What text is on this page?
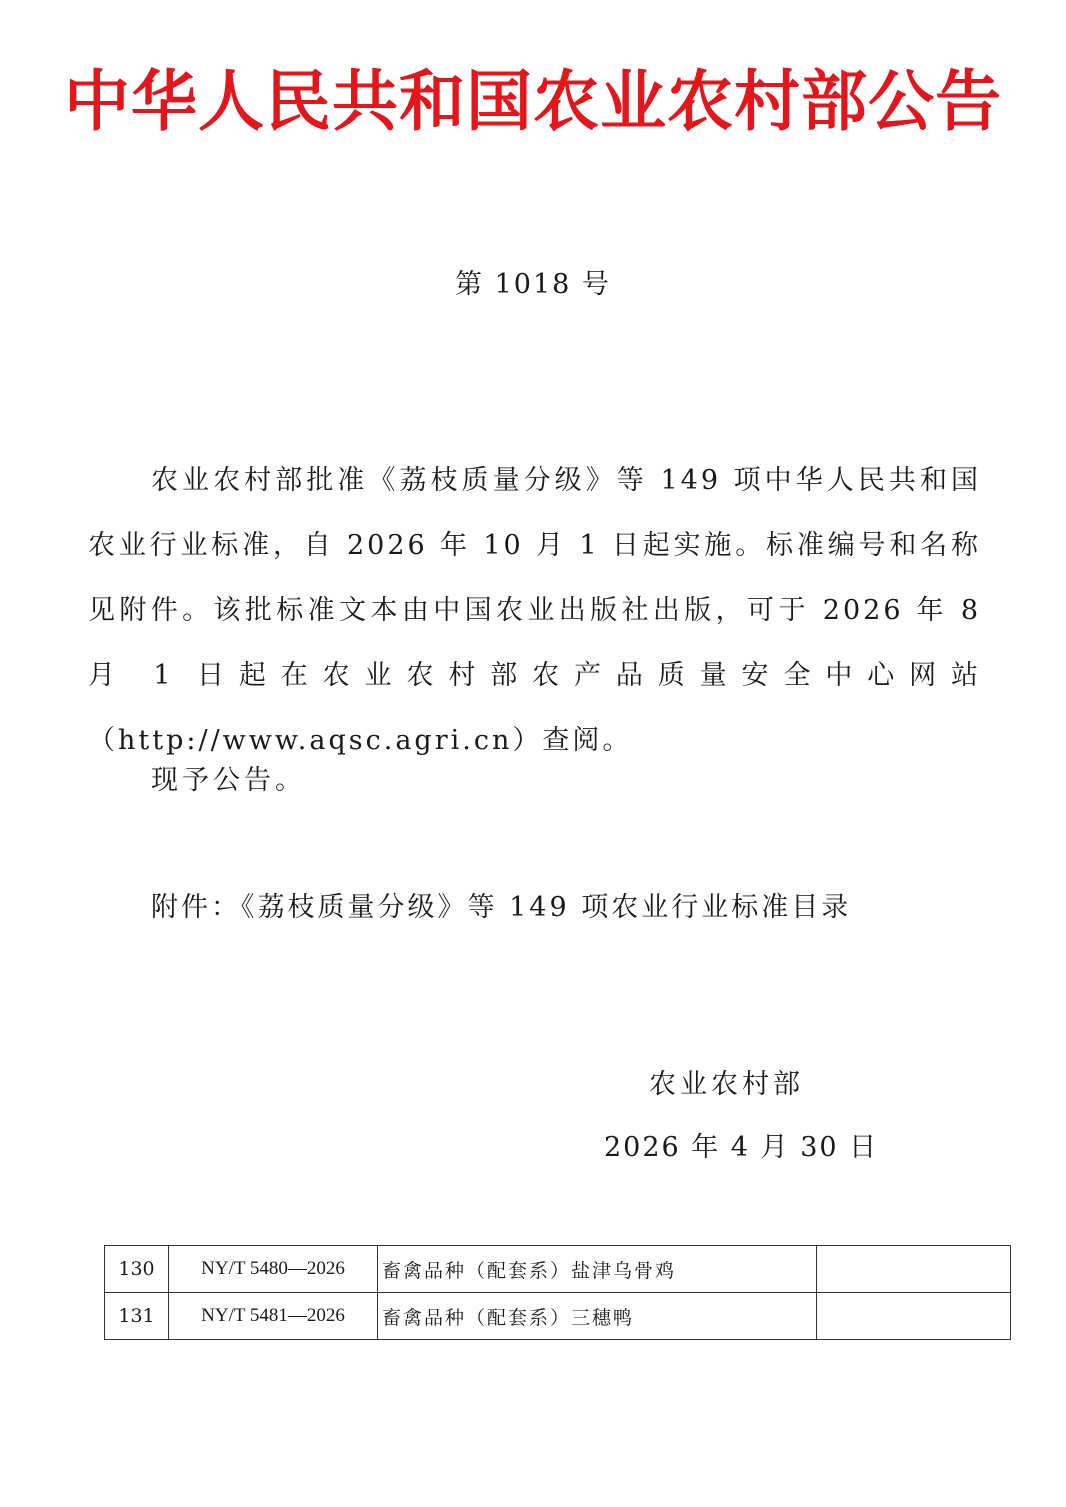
中华人民共和国农业农村部公告
第 1018 号
农业农村部批准《荔枝质量分级》等 149 项中华人民共和国农业行业标准，自 2026 年 10 月 1 日起实施。标准编号和名称见附件。该批标准文本由中国农业出版社出版，可于 2026 年 8 月 1 日起在农业农村部农产品质量安全中心网站（http://www.aqsc.agri.cn）查阅。
现予公告。
附件：《荔枝质量分级》等 149 项农业行业标准目录
农业农村部
2026 年 4 月 30 日
130	NY/T 5480—2026	畜禽品种（配套系）盐津乌骨鸡	
131	NY/T 5481—2026	畜禽品种（配套系）三穗鸭	
